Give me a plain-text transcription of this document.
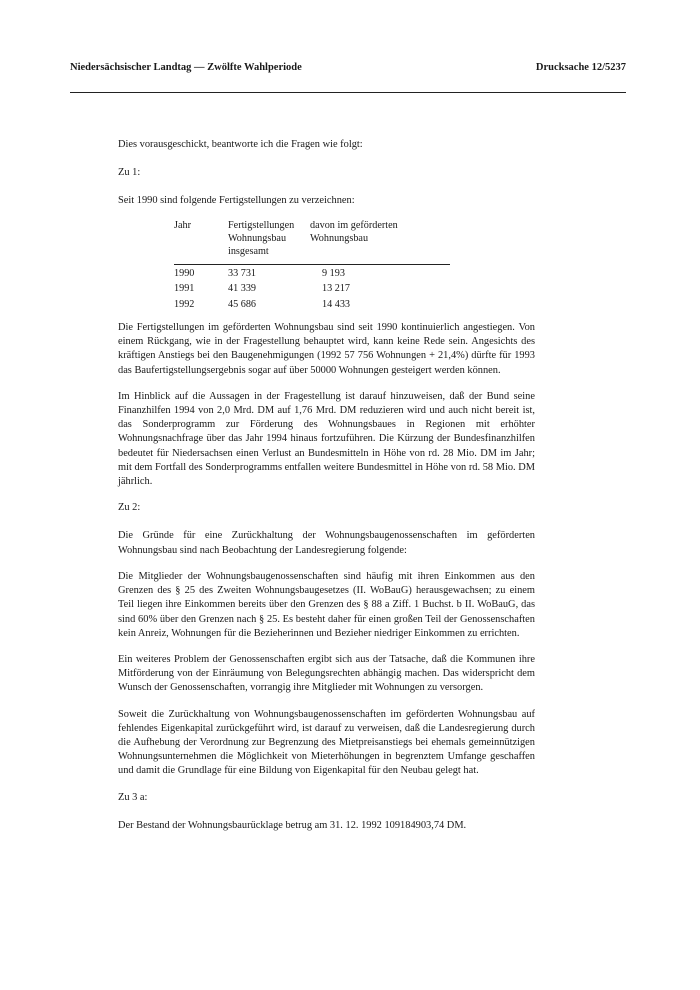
Niedersächsischer Landtag — Zwölfte Wahlperiode	Drucksache 12/5237

Dies vorausgeschickt, beantworte ich die Fragen wie folgt:

Zu 1:

Seit 1990 sind folgende Fertigstellungen zu verzeichnen:

Jahr	Fertigstellungen Wohnungsbau insgesamt	davon im geförderten Wohnungsbau
1990	33 731	9 193
1991	41 339	13 217
1992	45 686	14 433

Die Fertigstellungen im geförderten Wohnungsbau sind seit 1990 kontinuierlich angestiegen. Von einem Rückgang, wie in der Fragestellung behauptet wird, kann keine Rede sein. Angesichts des kräftigen Anstiegs bei den Baugenehmigungen (1992 57 756 Wohnungen + 21,4%) dürfte für 1993 das Baufertigstellungsergebnis sogar auf über 50000 Wohnungen gesteigert werden können.

Im Hinblick auf die Aussagen in der Fragestellung ist darauf hinzuweisen, daß der Bund seine Finanzhilfen 1994 von 2,0 Mrd. DM auf 1,76 Mrd. DM reduzieren wird und auch nicht bereit ist, das Sonderprogramm zur Förderung des Wohnungsbaues in Regionen mit erhöhter Wohnungsnachfrage über das Jahr 1994 hinaus fortzuführen. Die Kürzung der Bundesfinanzhilfen bedeutet für Niedersachsen einen Verlust an Bundesmitteln in Höhe von rd. 28 Mio. DM im Jahr; mit dem Fortfall des Sonderprogramms entfallen weitere Bundesmittel in Höhe von rd. 58 Mio. DM jährlich.

Zu 2:

Die Gründe für eine Zurückhaltung der Wohnungsbaugenossenschaften im geförderten Wohnungsbau sind nach Beobachtung der Landesregierung folgende:

Die Mitglieder der Wohnungsbaugenossenschaften sind häufig mit ihren Einkommen aus den Grenzen des § 25 des Zweiten Wohnungsbaugesetzes (II. WoBauG) herausgewachsen; zu einem Teil liegen ihre Einkommen bereits über den Grenzen des § 88 a Ziff. 1 Buchst. b II. WoBauG, das sind 60% über den Grenzen nach § 25. Es besteht daher für einen großen Teil der Genossenschaften kein Anreiz, Wohnungen für die Bezieherinnen und Bezieher niedriger Einkommen zu errichten.

Ein weiteres Problem der Genossenschaften ergibt sich aus der Tatsache, daß die Kommunen ihre Mitförderung von der Einräumung von Belegungsrechten abhängig machen. Das widerspricht dem Wunsch der Genossenschaften, vorrangig ihre Mitglieder mit Wohnungen zu versorgen.

Soweit die Zurückhaltung von Wohnungsbaugenossenschaften im geförderten Wohnungsbau auf fehlendes Eigenkapital zurückgeführt wird, ist darauf zu verweisen, daß die Landesregierung durch die Aufhebung der Verordnung zur Begrenzung des Mietpreisanstiegs bei ehemals gemeinnützigen Wohnungsunternehmen die Möglichkeit von Mieterhöhungen in begrenztem Umfange geschaffen und damit die Grundlage für eine Bildung von Eigenkapital für den Neubau gelegt hat.

Zu 3 a:

Der Bestand der Wohnungsbaurücklage betrug am 31. 12. 1992 109184903,74 DM.
